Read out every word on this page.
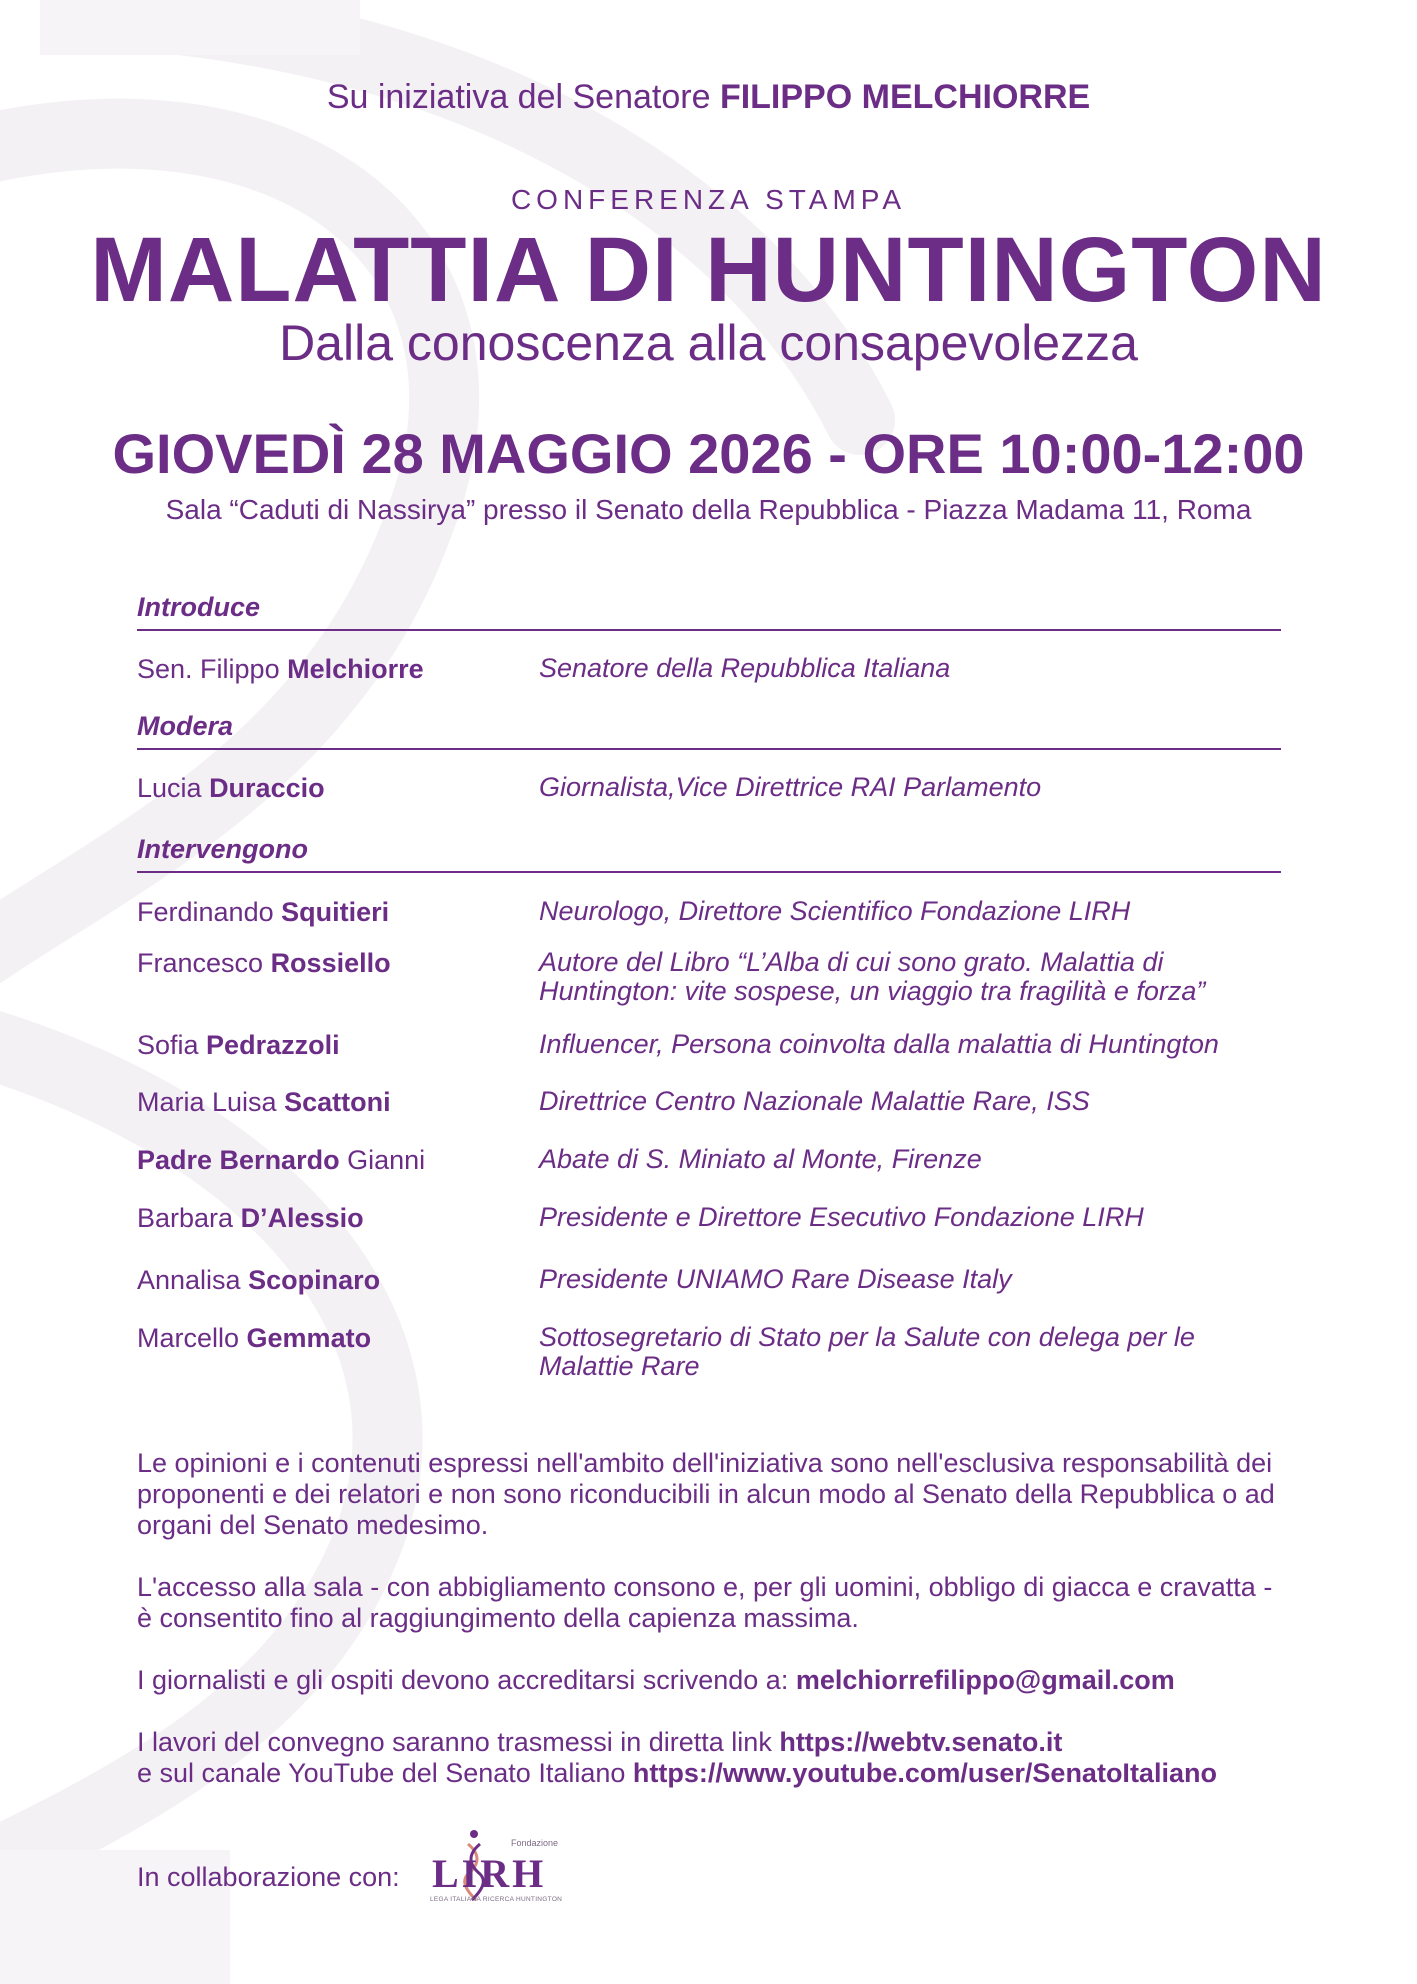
Su iniziativa del Senatore FILIPPO MELCHIORRE
CONFERENZA STAMPA
MALATTIA DI HUNTINGTON
Dalla conoscenza alla consapevolezza
GIOVEDÌ 28 MAGGIO 2026 - ORE 10:00-12:00
Sala “Caduti di Nassirya” presso il Senato della Repubblica - Piazza Madama 11, Roma
Introduce
Sen. Filippo Melchiorre	Senatore della Repubblica Italiana
Modera
Lucia Duraccio	Giornalista,Vice Direttrice RAI Parlamento
Intervengono
Ferdinando Squitieri	Neurologo, Direttore Scientifico Fondazione LIRH
Francesco Rossiello	Autore del Libro “L’Alba di cui sono grato. Malattia di Huntington: vite sospese, un viaggio tra fragilità e forza”
Sofia Pedrazzoli	Influencer, Persona coinvolta dalla malattia di Huntington
Maria Luisa Scattoni	Direttrice Centro Nazionale Malattie Rare, ISS
Padre Bernardo Gianni	Abate di S. Miniato al Monte, Firenze
Barbara D’Alessio	Presidente e Direttore Esecutivo Fondazione LIRH
Annalisa Scopinaro	Presidente UNIAMO Rare Disease Italy
Marcello Gemmato	Sottosegretario di Stato per la Salute con delega per le Malattie Rare
Le opinioni e i contenuti espressi nell'ambito dell'iniziativa sono nell'esclusiva responsabilità dei proponenti e dei relatori e non sono riconducibili in alcun modo al Senato della Repubblica o ad organi del Senato medesimo.
L'accesso alla sala - con abbigliamento consono e, per gli uomini, obbligo di giacca e cravatta - è consentito fino al raggiungimento della capienza massima.
I giornalisti e gli ospiti devono accreditarsi scrivendo a: melchiorrefilippo@gmail.com
I lavori del convegno saranno trasmessi in diretta link https://webtv.senato.it
e sul canale YouTube del Senato Italiano https://www.youtube.com/user/SenatoItaliano
In collaborazione con:
Fondazione
LIRH
LEGA ITALIANA RICERCA HUNTINGTON
